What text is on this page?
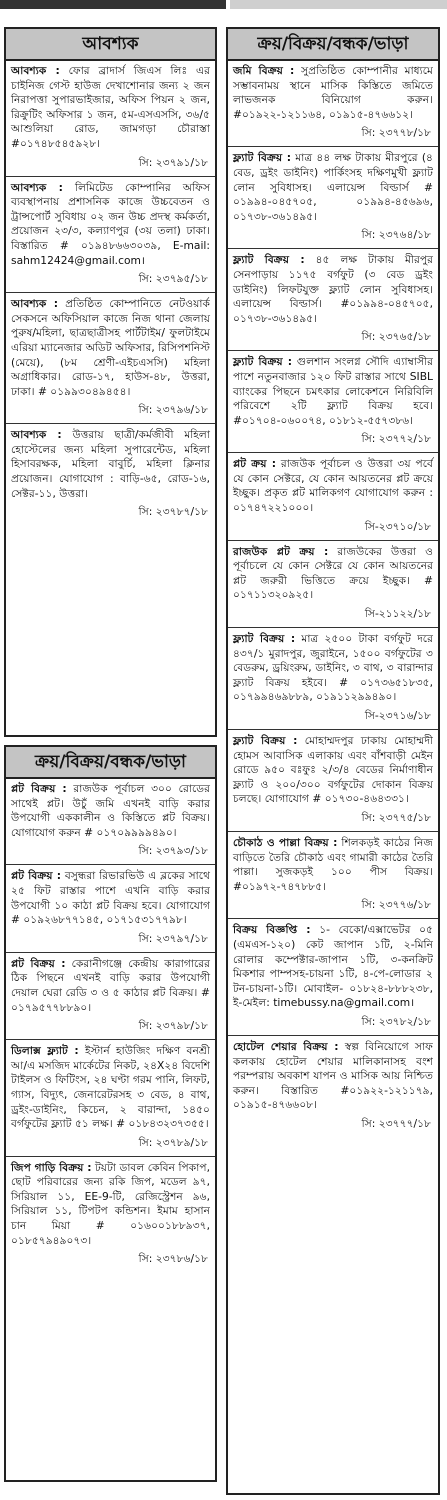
আবশ্যক

আবশ্যক : ফোর ব্রাদার্স জিএস লিঃ এর চাইনিজ গেস্ট হাউজ দেখাশোনার জন্য ২ জন নিরাপত্তা সুপারভাইজার, অফিস পিয়ন ২ জন, রিক্রুটিং অফিসার ১ জন, ৫ম-এসএসসি, ৩৬/৫ আশুলিয়া রোড, জামগড়া চৌরাস্তা #০১৭৪৮৫৪৫৯২৮।

সি: ২৩৭৯১/১৮

আবশ্যক : লিমিটেড কোম্পানির অফিস ব্যবস্থাপনায় প্রশাসনিক কাজে উচ্চবেতন ও ট্রান্সপোর্ট সুবিধায় ০২ জন উচ্চ প্রদস্থ কর্মকর্তা, প্রয়োজন ২৩/৩, কল্যাণপুর (৩য় তলা) ঢাকা। বিস্তারিত # ০১৯৪৮৬৬৩০৩৯, E-mail: sahm12424@gmail.com।

সি: ২৩৭৯৫/১৮

আবশ্যক : প্রতিষ্ঠিত কোম্পানিতে নেটওয়ার্ক সেকসনে অফিসিয়াল কাজে নিজ থানা জেলায় পুরুষ/মহিলা, ছাত্রছাত্রীসহ পার্টটাইম/ ফুলটাইমে এরিয়া ম্যানেজার অডিট অফিসার, রিসিপশনিস্ট (মেয়ে), (৮ম শ্রেণী-এইচএসসি) মহিলা অগ্রাধিকার। রোড-১৭, হাউস-৪৮, উত্তরা, ঢাকা। # ০১৯৯৩০৪৯৪৫৪।

সি: ২৩৭৯৬/১৮

আবশ্যক : উত্তরায় ছাত্রী/কর্মজীবী মহিলা হোস্টেলের জন্য মহিলা সুপারেন্টেড, মহিলা হিসাবরক্ষক, মহিলা বাবুর্চি, মহিলা ক্লিনার প্রয়োজন। যোগাযোগ : বাড়ি-৬৫, রোড-১৬, সেক্টর-১১, উত্তরা।

সি: ২৩৭৮৭/১৮
ক্রয়/বিক্রয়/বন্ধক/ভাড়া

প্লট বিক্রয় : রাজউক পূর্বাচল ৩০০ রোডের সাথেই প্লট। উচুঁ জমি এখনই বাড়ি করার উপযোগী এককালীন ও কিস্তিতে প্লট বিক্রয়। যোগাযোগ করুন # ০১৭০৯৯৯৯৪৯০।

সি: ২৩৭৯৩/১৮

প্লট বিক্রয় : বসুন্ধরা রিভারভিউ এ ব্লকের সাথে ২৫ ফিট রাস্তার পাশে এখনি বাড়ি করার উপযোগী ১০ কাঠা প্লট বিক্রয় হবে। যোগাযোগ # ০১৯২৬৮৭৭১৪৫, ০১৭১৫৩১৭৭৯৮।

সি: ২৩৭৯৭/১৮

প্লট বিক্রয় : কেরানীগঞ্জে কেন্দ্রীয় কারাগারের ঠিক পিছনে এখনই বাড়ি করার উপযোগী দেয়াল ঘেরা রেডি ৩ ও ৫ কাঠার প্লট বিক্রয়। # ০১৭৯৫৭৭৮৮৯০।

সি: ২৩৭৯৮/১৮

ডিলাক্স ফ্ল্যাট : ইস্টার্ন হাউজিং দক্ষিণ বনশ্রী আ/এ মসজিদ মার্কেটের নিকট, ২৪X২৪ বিদেশি টাইলস ও ফিটিংস, ২৪ ঘণ্টা গরম পানি, লিফট, গ্যাস, বিদ্যুৎ, জেনারেটরসহ ৩ বেড, ৪ বাথ, ড্রইং-ডাইনিং, কিচেন, ২ বারান্দা, ১৪৫০ বর্গফুটের ফ্ল্যাট ৫১ লক্ষ। # ০১৮৪৩২৩৭৩৫৫।

সি: ২৩৭৮৯/১৮

জিপ গাড়ি বিক্রয় : টয়টা ডাবল কেবিন পিকাপ, ছোট পরিবারের জন্য রকি জিপ, মডেল ৯৭, সিরিয়াল ১১, EE-9-টি, রেজিস্ট্রেশন ৯৬, সিরিয়াল ১১, টিপটপ কন্ডিশন। ইমাম হাসান চান মিয়া # ০১৬০০১৮৮৯৩৭, ০১৮৫৭৯৪৯০৭৩।

সি: ২৩৭৮৬/১৮
ক্রয়/বিক্রয়/বন্ধক/ভাড়া

জমি বিক্রয় : সুপ্রতিষ্ঠিত কোম্পানীর মাধ্যমে সম্ভাবনাময় স্থানে মাসিক কিস্তিতে জমিতে লাভজনক বিনিয়োগ করুন। #০১৯২২-১২১১৬৪, ০১৯১৫-৪৭৬৬১২।

সি: ২৩৭৭৮/১৮

ফ্ল্যাট বিক্রয় : মাত্র ৪৪ লক্ষ টাকায় মীরপুরে (৪ বেড, ড্রইং ডাইনিং) পার্কিংসহ দক্ষিণমুখী ফ্ল্যাট লোন সুবিধাসহ। এলায়েন্স বিল্ডার্স # ০১৯৯৪-০৪৫৭০৫, ০১৯৯৪-৪৫৬৯৬, ০১৭৩৮-৩৬১৪৯৫।

সি: ২৩৭৬৪/১৮

ফ্ল্যাট বিক্রয় : ৪৫ লক্ষ টাকায় মীরপুর সেনপাড়ায় ১১৭৫ বর্গফুট (৩ বেড ড্রইং ডাইনিং) লিফটযুক্ত ফ্ল্যাট লোন সুবিধাসহ। এলায়েন্স বিল্ডার্স। #০১৯৯৪-০৪৫৭০৫, ০১৭৩৮-৩৬১৪৯৫।

সি: ২৩৭৬৫/১৮

ফ্ল্যাট বিক্রয় : গুলশান সংলগ্ন সৌদি এ্যাম্বাসীর পাশে নতুনবাজার ১২০ ফিট রাস্তার সাথে SIBL ব্যাংকের পিছনে চমৎকার লোকেশনে নিরিবিলি পরিবেশে ২টি ফ্ল্যাট বিক্রয় হবে। #০১৭০৪-০৬০০৭৪, ০১৮১২-৫৫৭৩৮৬।

সি: ২৩৭৭২/১৮

প্লট ক্রয় : রাজউক পূর্বাচল ও উত্তরা ৩য় পর্বে যে কোন সেক্টরে, যে কোন আয়তনের প্লট ক্রয়ে ইচ্ছুক। প্রকৃত প্লট মালিকগণ যোগাযোগ করুন : ০১৭৪৭২২১০০০।

সি-২৩৭১০/১৮

রাজউক প্লট ক্রয় : রাজউকের উত্তরা ও পূর্বাচলে যে কোন সেক্টরে যে কোন আয়তনের প্লট জরুরী ভিত্তিতে ক্রয়ে ইচ্ছুক। # ০১৭১১৩২০৯২৫।

সি-২১১২২/১৮

ফ্ল্যাট বিক্রয় : মাত্র ২৫০০ টাকা বর্গফুট দরে ৪৩৭/১ মুরাদপুর, জুরাইনে, ১৫০০ বর্গফুটের ৩ বেডরুম, ড্রয়িংরুম, ডাইনিং, ৩ বাথ, ৩ বারান্দার ফ্ল্যাট বিক্রয় হইবে। # ০১৭৩৬৫১৮৩৫, ০১৭৯৯৪৬৯৮৮৯, ০১৯১১২৯৯৪৯০।

সি-২৩৭১৬/১৮

ফ্ল্যাট বিক্রয় : মোহাম্মদপুর ঢাকায় মোহাম্মদী হোমস আবাসিক এলাকায় এবং বাঁশবাড়ী মেইন রোডে ৯৫০ বঃফুঃ ২/৩/৪ বেডের নির্মাণাধীন ফ্ল্যাট ও ২০০/৩০০ বর্গফুটের দোকান বিক্রয় চলছে। যোগাযোগ # ০১৭৩০-৪৬৪৩৩১।

সি: ২৩৭৭৫/১৮

চৌকাঠ ও পাল্লা বিক্রয় : শিলকড়ই কাঠের নিজ বাড়িতে তৈরি চৌকাঠ এবং গামারী কাঠের তৈরি পাল্লা। সুজকড়ই ১০০ পীস বিক্রয়। #০১৯৭২-৭৪৭৮৮৫।

সি: ২৩৭৭৬/১৮

বিক্রয় বিজ্ঞপ্তি : ১- বেকো/এক্সাভেটর ০৫ (এমএস-১২০) কেট জাপান ১টি, ২-মিনি রোলার কম্পেক্টার-জাপান ১টি, ৩-কনক্রিট মিকশার পাম্পসহ-চায়না ১টি, ৪-পে-লোডার ২ টন-চায়না-১টি। মোবাইল- ০১৮২৪-৮৮৮২৩৮, ই-মেইল: timebussy.na@gmail.com।

সি: ২৩৭৮২/১৮

হোটেল শেয়ার বিক্রয় : স্বল্প বিনিয়োগে সাফ কলকায় হোটেল শেয়ার মালিকানাসহ বংশ পরম্পরায় অবকাশ যাপন ও মাসিক আয় নিশ্চিত করুন। বিস্তারিত #০১৯২২-১২১১৭৯, ০১৯১৫-৪৭৬৬০৮।

সি: ২৩৭৭৭/১৮
